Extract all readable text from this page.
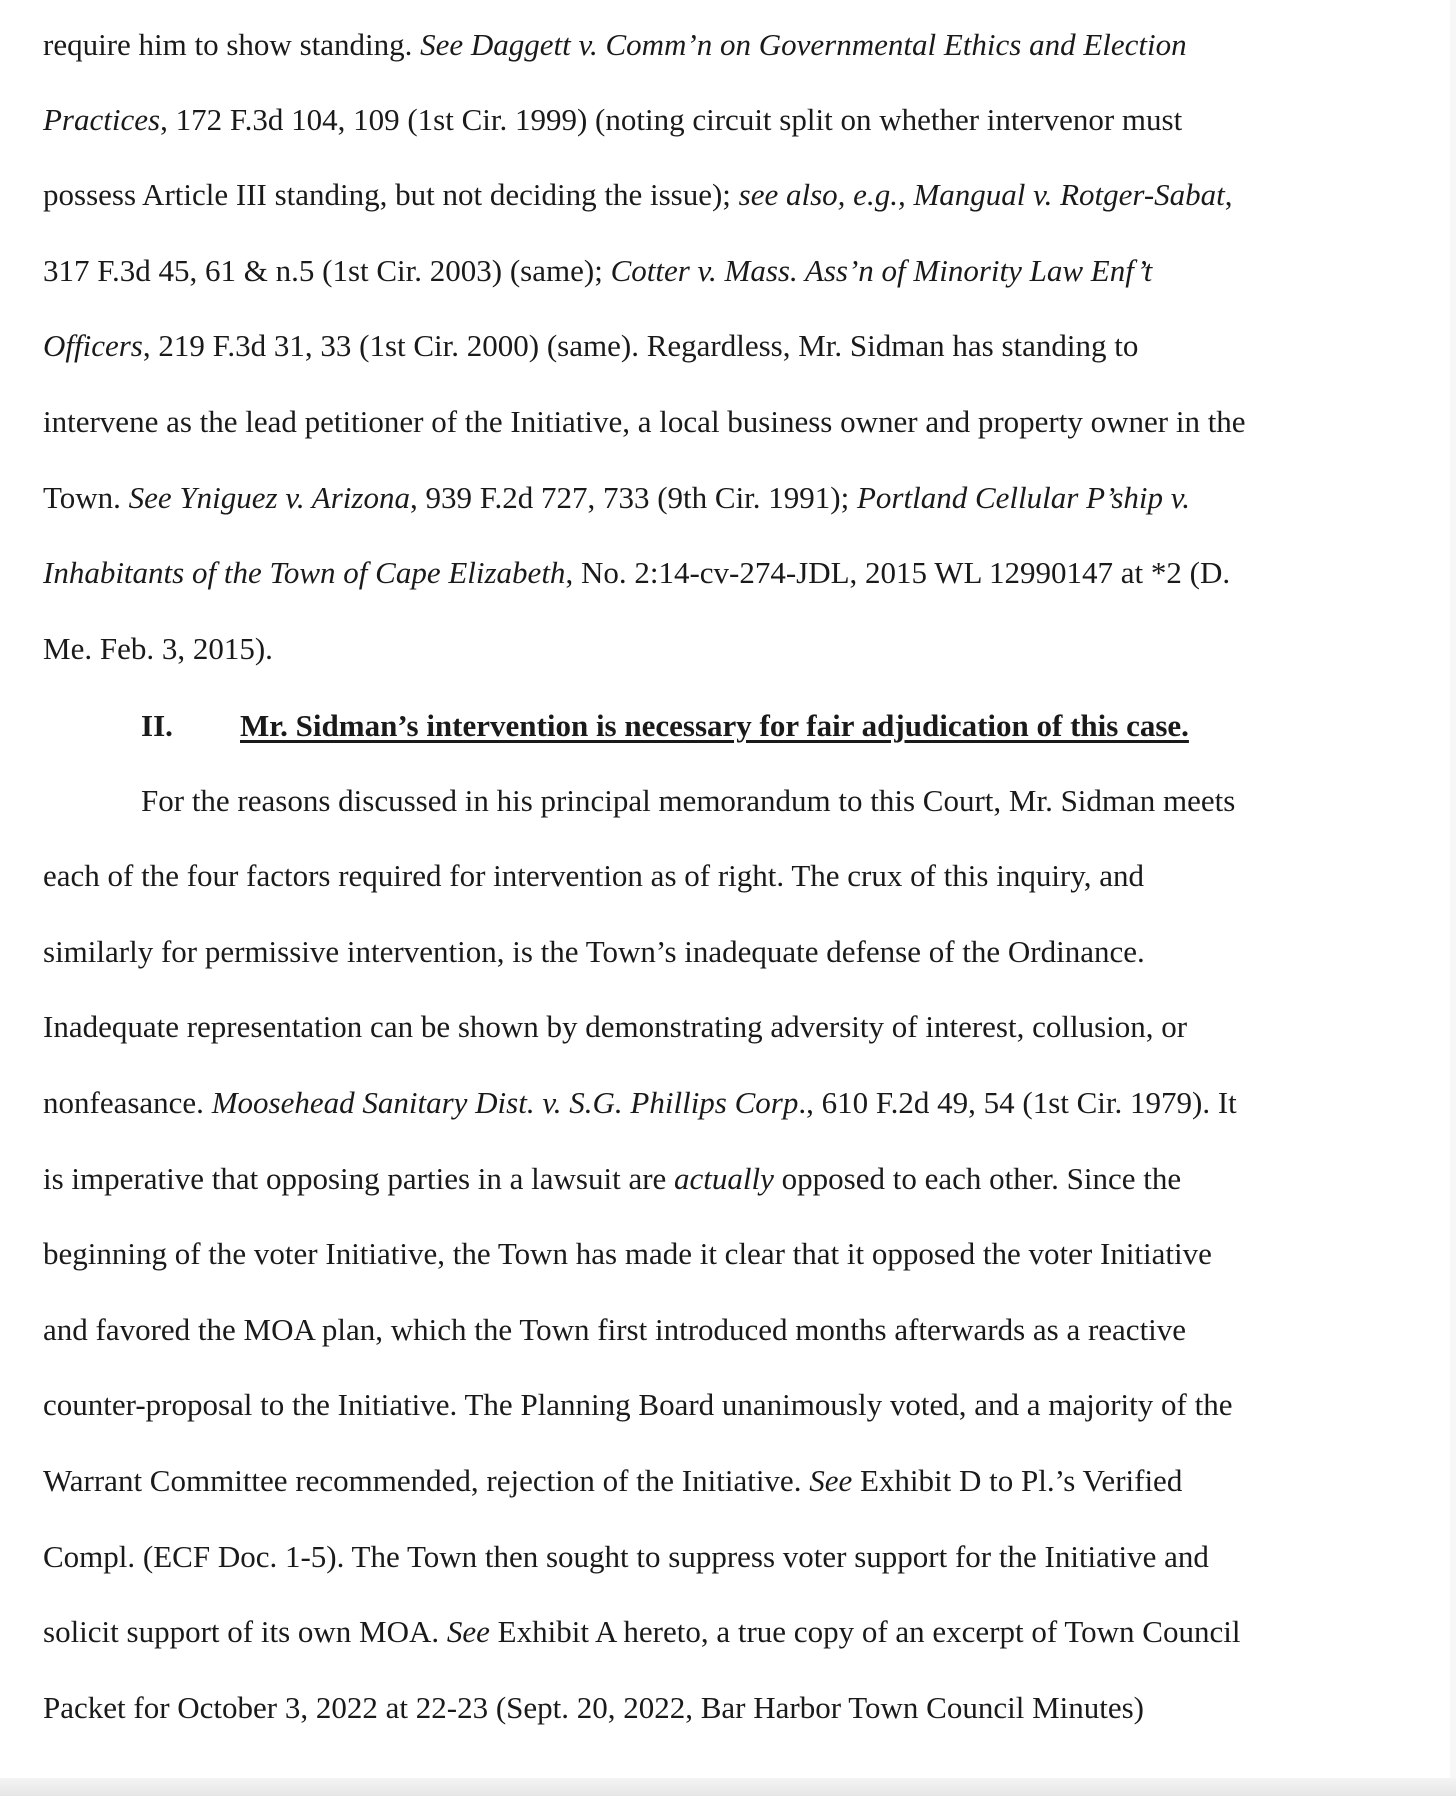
require him to show standing. See Daggett v. Comm’n on Governmental Ethics and Election
Practices, 172 F.3d 104, 109 (1st Cir. 1999) (noting circuit split on whether intervenor must
possess Article III standing, but not deciding the issue); see also, e.g., Mangual v. Rotger-Sabat,
317 F.3d 45, 61 & n.5 (1st Cir. 2003) (same); Cotter v. Mass. Ass’n of Minority Law Enf’t
Officers, 219 F.3d 31, 33 (1st Cir. 2000) (same). Regardless, Mr. Sidman has standing to
intervene as the lead petitioner of the Initiative, a local business owner and property owner in the
Town. See Yniguez v. Arizona, 939 F.2d 727, 733 (9th Cir. 1991); Portland Cellular P’ship v.
Inhabitants of the Town of Cape Elizabeth, No. 2:14-cv-274-JDL, 2015 WL 12990147 at *2 (D.
Me. Feb. 3, 2015).
For the reasons discussed in his principal memorandum to this Court, Mr. Sidman meets
each of the four factors required for intervention as of right. The crux of this inquiry, and
similarly for permissive intervention, is the Town’s inadequate defense of the Ordinance.
Inadequate representation can be shown by demonstrating adversity of interest, collusion, or
nonfeasance. Moosehead Sanitary Dist. v. S.G. Phillips Corp., 610 F.2d 49, 54 (1st Cir. 1979). It
is imperative that opposing parties in a lawsuit are actually opposed to each other. Since the
beginning of the voter Initiative, the Town has made it clear that it opposed the voter Initiative
and favored the MOA plan, which the Town first introduced months afterwards as a reactive
counter-proposal to the Initiative. The Planning Board unanimously voted, and a majority of the
Warrant Committee recommended, rejection of the Initiative. See Exhibit D to Pl.’s Verified
Compl. (ECF Doc. 1-5). The Town then sought to suppress voter support for the Initiative and
solicit support of its own MOA. See Exhibit A hereto, a true copy of an excerpt of Town Council
Packet for October 3, 2022 at 22-23 (Sept. 20, 2022, Bar Harbor Town Council Minutes)
II. Mr. Sidman’s intervention is necessary for fair adjudication of this case.
